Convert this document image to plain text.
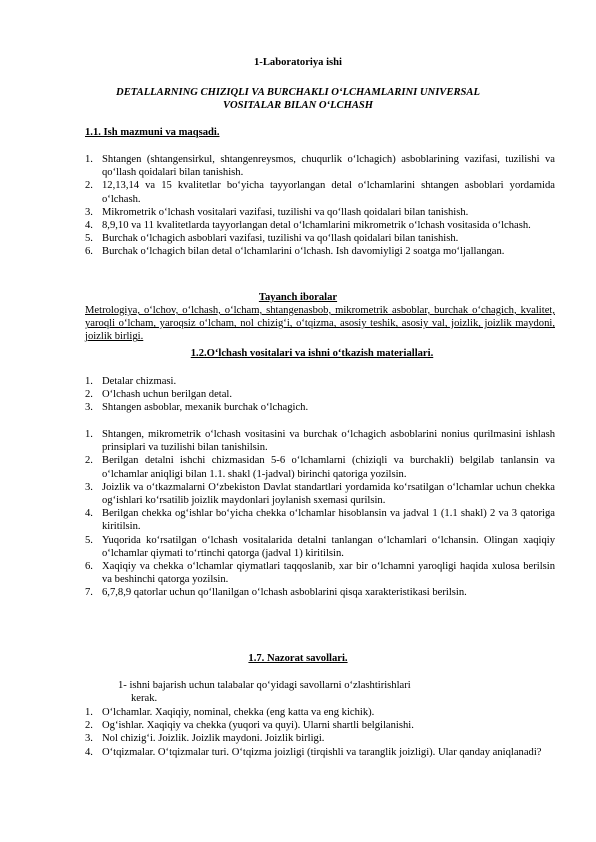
1-Laboratoriya ishi
DETALLARNING CHIZIQLI VA BURCHAKLI O‘LCHAMLARINI UNIVERSAL
VOSITALAR BILAN O‘LCHASH
1.1. Ish mazmuni va maqsadi.
1. Shtangen (shtangensirkul, shtangenreysmos, chuqurlik o‘lchagich) asboblarining vazifasi, tuzilishi va qo‘llash qoidalari bilan tanishish.
2. 12,13,14 va 15 kvalitetlar bo‘yicha tayyorlangan detal o‘lchamlarini shtangen asboblari yordamida o‘lchash.
3. Mikrometrik o‘lchash vositalari vazifasi, tuzilishi va qo‘llash qoidalari bilan tanishish.
4. 8,9,10 va 11 kvalitetlarda tayyorlangan detal o‘lchamlarini mikrometrik o‘lchash vositasida o‘lchash.
5. Burchak o‘lchagich asboblari vazifasi, tuzilishi va qo‘llash qoidalari bilan tanishish.
6. Burchak o‘lchagich bilan detal o‘lchamlarini o‘lchash. Ish davomiyligi 2 soatga mo‘ljallangan.
Tayanch iboralar
Metrologiya, o‘lchov, o‘lchash, o‘lcham, shtangenasbob, mikrometrik asboblar, burchak o‘chagich, kvalitet, yaroqli o‘lcham, yaroqsiz o‘lcham, nol chizig‘i, o‘tqizma, asosiy teshik, asosiy val, joizlik, joizlik maydoni, joizlik birligi.
1.2.O‘lchash vositalari va ishni o‘tkazish materiallari.
1. Detalar chizmasi.
2. O‘lchash uchun berilgan detal.
3. Shtangen asboblar, mexanik burchak o‘lchagich.
1. Shtangen, mikrometrik o‘lchash vositasini va burchak o‘lchagich asboblarini nonius qurilmasini ishlash prinsiplari va tuzilishi bilan tanishilsin.
2. Berilgan detalni ishchi chizmasidan 5-6 o‘lchamlarni (chiziqli va burchakli) belgilab tanlansin va o‘lchamlar aniqligi bilan 1.1. shakl (1-jadval) birinchi qatoriga yozilsin.
3. Joizlik va o‘tkazmalarni O‘zbekiston Davlat standartlari yordamida ko‘rsatilgan o‘lchamlar uchun chekka og‘ishlari ko‘rsatilib joizlik maydonlari joylanish sxemasi qurilsin.
4. Berilgan chekka og‘ishlar bo‘yicha chekka o‘lchamlar hisoblansin va jadval 1 (1.1 shakl) 2 va 3 qatoriga kiritilsin.
5. Yuqorida ko‘rsatilgan o‘lchash vositalarida detalni tanlangan o‘lchamlari o‘lchansin. Olingan xaqiqiy o‘lchamlar qiymati to‘rtinchi qatorga (jadval 1) kiritilsin.
6. Xaqiqiy va chekka o‘lchamlar qiymatlari taqqoslanib, xar bir o‘lchamni yaroqligi haqida xulosa berilsin va beshinchi qatorga yozilsin.
7. 6,7,8,9 qatorlar uchun qo‘llanilgan o‘lchash asboblarini qisqa xarakteristikasi berilsin.
1.7. Nazorat savollari.
1- ishni bajarish uchun talabalar qo‘yidagi savollarni o‘zlashtirishlari
kerak.
1. O‘lchamlar. Xaqiqiy, nominal, chekka (eng katta va eng kichik).
2. Og‘ishlar. Xaqiqiy va chekka (yuqori va quyi). Ularni shartli belgilanishi.
3. Nol chizig‘i. Joizlik. Joizlik maydoni. Joizlik birligi.
4. O‘tqizmalar. O‘tqizmalar turi. O‘tqizma joizligi (tirqishli va taranglik joizligi). Ular qanday aniqlanadi?
